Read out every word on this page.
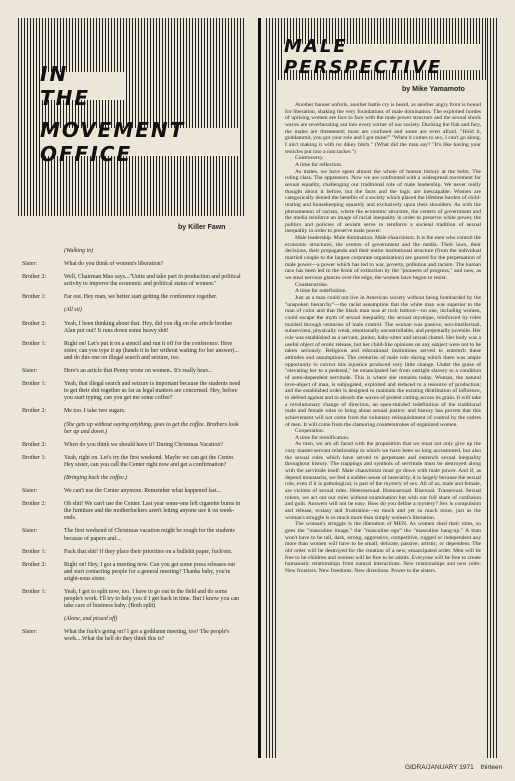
IN THE
MOVEMENT OFFICE
by Killer Fawn
MALE PERSPECTIVE
by Mike Yamamoto
(Walking in)
Sister:	What do you think of women's liberation?
Brother 2:	Well, Chairman Mao says..."Unite and take part in production and political activity to improve the economic and political status of women."
Brother 1:	Far out. Hey man, we better start getting the conference together.
(All sit)
Brother 2:	Yeah, I been thinking about that. Hey, did you dig on the article brother Alan put out? It runs down some heavy shit!
Brother 1:	Right on! Let's put it on a stencil and run it off for the conference. Here sister, can you type it up (hands it to her without waiting for her answer)... and do this one on illegal search and seizure, too.
Sister:	Here's an article that Penny wrote on women.. It's really heav...
Brother 1:	Yeah, that illegal search and seizure is important because the students need to get their shit together as far as legal matters are concerned. Hey, before you start typing, can you get me some coffee?
Brother 2:	Me too. I take two sugars.
(She gets up without saying anything, goes to get the coffee. Brothers look her up and down.)
Brother 2:	When do you think we should have it? During Christmas Vacation?
Brother 1:	Yeah, right on. Let's try the first weekend. Maybe we can get the Center. Hey sister, can you call the Center right now and get a confirmation?
(Bringing back the coffee.)
Sister:	We can't use the Center anymore. Remember what happened last...
Brother 2:	Oh shit! We can't use the Center. Last year some-one left cigarette burns in the furniture and the motherfuckers aren't letting anyone use it on week-ends.
Sister:	The first weekend of Christmas vacation might be rough for the students because of papers and....
Brother 1:	Fuck that shit! If they place their priorities on a bullshit paper, fuck'em.
Brother 2:	Right on! Hey, I got a meeting now. Can you get some press releases out and start contacting people for a general meeting? Thanks baby, you're aright-eous sister.
Brother 1:	Yeah, I got to split now, too. I have to go out in the field and do some people's work. I'll try to help you if I get back in time. But I know you can take care of business baby. (Both split)
(Alone, and pissed off)
Sister:	What the fuck's going on? I got a goddamn meeting, too! The people's work....What the hell do they think this is?

Another banner unfurls, another battle cry is heard, as another angry front is bound for liberation, shaking the very foundations of male domination. The exploited hordes of uprising women are face to face with the male power structure and the sexual shock waves are reverberating out into every corner of our society. Ducking the flak and fury, the males are threatened; most are confused and some are even afraid. "Hold it, goddammit, you got your role and I got mine!" "When it comes to sex, I can't go along, I ain't making it with no dikey bitch." (What did the man say? "It's like having your testicles put into a nutcracker.")

Controversy.

A time for reflection.

As males, we have spent almost the whole of human history at the helm. The ruling class. The oppressors. Now we are confronted with a widespread movement for sexual equality, challenging our traditional role of male leadership. We never really thought about it before, but the facts and the logic are inescapable. Women are categorically denied the benefits of a society which placed the lifetime burden of child-rearing and housekeeping squarely and exclusively upon their shoulders. As with the phenomenon of racism, where the economic structure, the centers of government and the media reinforce an image of racial inequality in order to preserve white power, the politics and policies of sexism serve to reinforce a societal tradition of sexual inequality in order to preserve male power.

Male leadership. Male domination. Male chauvinism. It is the men who control the economic structures, the centers of government and the media. Their laws, their decisions, their propaganda and their entire institutional structure (from the individual married couple to the largest corporate organization) are geared for the perpetuation of male power—a power which has led to war, poverty, pollution and racism. The human race has been led to the brink of extinction by the "pioneers of progress," and now, as we steal nervous glances over the edge, the women have begun to resist.

Counterstroke.

A time for redefinition.

Just as a man could not live in American society without being bombarded by the "unspoken hierarchy"—the racist assumption that the white man was superior to the man of color and that the black man was at rock bottom—no one, including women, could escape the myth of sexual inequality, the sexual mystique, reinforced by roles molded through centuries of male control. The woman was passive, non-intellectual, subservient, physically weak, emotionally uncontrollable, and perpetually juvenile. Her role was established as a servant, janitor, baby-sitter and sexual chattel. Her body was a useful object of erotic release, but her child-like opinions on any subject were not to be taken seriously. Religious and educational institutions served to entrench these attitudes and assumptions. The centuries of male rule during which there was ample opportunity to correct this injustice produced very little change. Under the guise of "elevating her to a pedestal," he emancipated her from outright slavery to a condition of semi-dependent servitude. This is where she remains today. Woman, the natural love-object of man, is subjugated, exploited and reduced to a resource of production; and the established order is designed to maintain the existing distribution of influence, to defend against and to absorb the waves of protest cutting across its grain. It will take a revolutionary change of direction, an open-minded redefinition of the traditional male and female roles to bring about sexual justice; and history has proven that this achievement will not come from the voluntary relinquishment of control by the cadres of men. It will come from the clamoring counterstrokes of organized women.

Cooperation.

A time for reunification.

As men, we are all faced with the proposition that we must not only give up the cozy master-servant relationship to which we have been so long accustomed, but also the sexual roles which have served to perpetuate and entrench sexual inequality throughout history. The trappings and symbols of servitude must be destroyed along with the servitude itself. Male chauvinism must go down with male power. And if, as depend moustachs, we feel a sudden sense of insecurity, it is largely because the sexual role, even if it is pathological, is part of the mystery of sex. All of us, male and female, are victims of sexual roles. Heterosexual. Homosexual. Bisexual. Transexual. Sexual robots, we act out our roles without examination but with our full share of confusion and guilt. Answers will not be easy. How do you define a mystery? Sex is compulsion and release, ecstasy and frustration—so much and yet so much more, just as the woman's struggle is so much more than simply women's liberation.

The woman's struggle is the liberation of MEN. As women shed their roles, so goes the "masculine image," the "masculine ego" the "masculine hang-up." A man won't have to be tall, dark, strong, aggressive, competitive, rugged or independent any more than women will have to be small, delicate, passive, artistic, or dependent. The old order will be destroyed for the creation of a new, emancipated order. Men will be free to be children and women will be free to be adults. Everyone will be free to create humanistic relationships from natural interactions. New relationships and new roles. New frontiers. New freedoms. New directions. Power to the sisters.

GIDRA/JANUARY 1971 thirteen
